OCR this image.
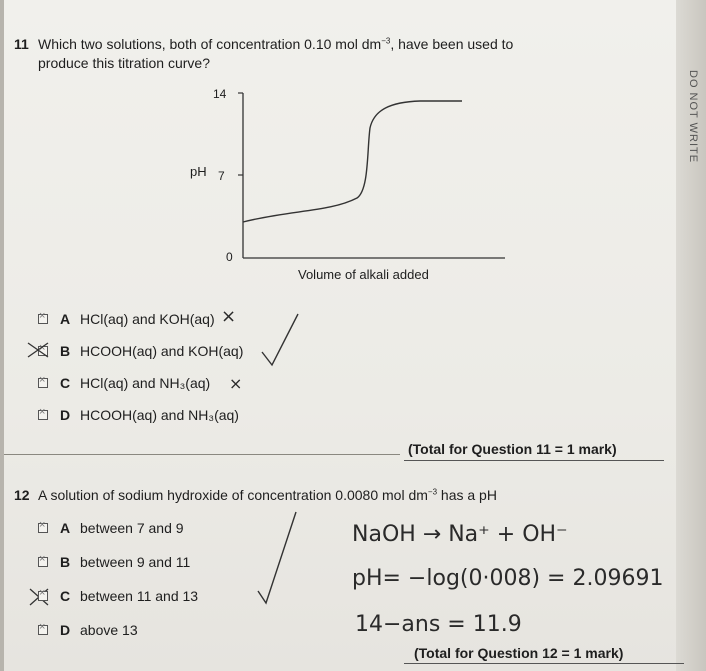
DO NOT WRITE
11 Which two solutions, both of concentration 0.10 mol $dm^{-3}$, have been used to
produce this titration curve?
14
7
0
pH
Volume of alkali added
×
A HCl(aq) and KOH(aq)
×
B HCOOH(aq) and KOH(aq)
×
C HCl(aq) and NH₃(aq)
×
D HCOOH(aq) and NH₃(aq)
×
×
(Total for Question 11 = 1 mark)
12 A solution of sodium hydroxide of concentration 0.0080 mol $dm^{-3}$ has a pH
×
A between 7 and 9
×
B between 9 and 11
×
C between 11 and 13
×
D above 13
NaOH → Na⁺ + OH⁻
pH= −log(0·008) = 2.09691
14−ans = 11.9
(Total for Question 12 = 1 mark)
